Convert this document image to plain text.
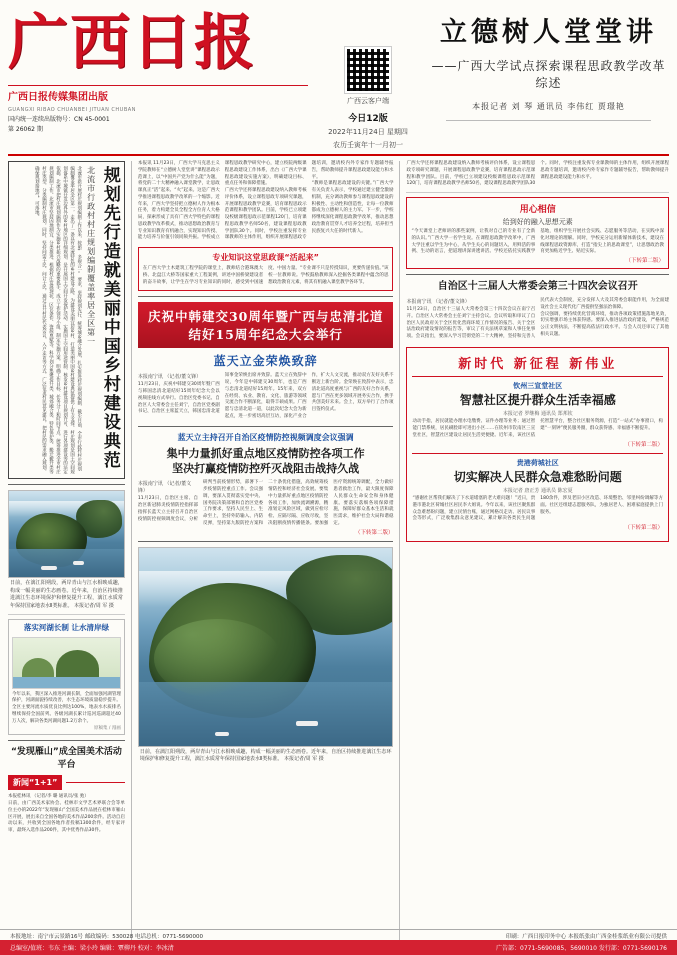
广西日报
广西日报传媒集团出版
GUANGXI RIBAO CHUANBEI JITUAN CHUBAN
国内统一连续出版物号：CN 45-0001
第 26062 期
广西云客户端
今日12版
2022年11月24日 星期四
农历壬寅年十一月初一
立德树人堂堂讲
——广西大学试点探索课程思政教学改革综述
本报记者 刘 琴 通讯员 李伟红 贾璟艳
规划先行造就美丽中国乡村建设典范
北流市行政村村庄规划编制覆盖率居全区第一
北流市新开展村庄规划编制工作以来，按照“多规合一”要求，坚持规划先行，统筹城乡融合发展，扎实推进村庄规划编制，截至目前，全市行政村村庄规划编制覆盖率居全区第一，走出了一条具有北流特色的乡村建设之路。为建设美丽宜居乡村、打造美丽中国乡村建设典范提供了有力支撑。村庄规划是国土空间规划体系中城镇开发边界外的乡村地区的详细规划，是开展国土空间开发保护活动、实施国土空间用途管制、核发乡村建设项目规划许可、进行各项建设等的法定依据。北流市把村庄规划编制作为实施乡村振兴战略的重要抓手，成立工作领导小组，制定实施方案，明确工作目标、任务分工和时间节点，统筹推进全市村庄规划编制工作。北流市坚持因地制宜、分类推进，根据村庄发展现状、区位条件、资源禀赋等，科学划分集聚提升类、城郊融合类、特色保护类、搬迁撤并类等村庄类型，分类编制村庄规划。同时，坚持问需于民、问计于民，通过召开村民代表会议、入户走访等方式，广泛征求村民意见建议，把村民的需求融入规划，确保规划接地气、可落地。
日前，在漓江阳朔段，两岸青山与江水相映成趣，构成一幅美丽的生态画卷。近年来，自治区持续推进漓江生态环境保护和修复提升工程，漓江水质常年保持国家地表水Ⅱ类标准。 本报记者/周 军 摄
落实河湖长制 让水清岸绿
今年以来，我区深入推进河湖长制，全面加强河湖管理保护，河湖面貌持续改善，水生态环境质量稳步提升。全区主要河流水质优良比例达100%，地表水水质排名继续保持全国前列。各级河湖长累计巡河巡湖超过40万人次，解决各类河湖问题1.2万余个。
原稿集 / 漫画
“发现雁山”成全国美术活动平台
新闻“1+1”
本报桂林讯 （记者/李 璐 通讯员/张 弛）
日前，由广西美术家协会、桂林市文学艺术界联合会等单位主办的2022年“发现雁山”全国美术作品展在桂林市雁山区开展，展出来自全国各地的美术作品200余件。活动自启动以来，共收到全国各地作者投稿1300余件，经专家评审，最终入选作品200件，其中优秀作品30件。
本报讯 11月23日，广西大学马克思主义学院教师在“立德树人堂堂讲”课程思政示范课上，以“中国共产党为什么能”为题，将党的二十大精神融入课堂教学，让思政课真正“活”起来、“火”起来。这是广西大学推进课程思政教学改革的一个缩影。近年来，广西大学坚持把立德树人作为根本任务，着力构建全员全程全方位育人大格局，探索形成了具有广西大学特色的课程思政教学改革模式，推动思想政治教育与专业知识教育有机融合，实现知识传授、能力培养与价值引领同频共振。学校成立课程思政教学研究中心，建立校院两级课程思政建设工作体系，出台《广西大学课程思政建设实施方案》，明确建设目标、重点任务和保障措施。
广西大学还将课程思政建设纳入教师考核评价体系，设立课程思政专项研究课题，开展课程思政教学竞赛，培育课程思政示范课程和教学团队。目前，学校已立项建设校级课程思政示范课程120门，培育课程思政教学名师50名，建设课程思政教学团队30个。同时，学校注重发挥专业课教师的主体作用，组织开展课程思政专题培训，邀请校内外专家作专题辅导报告，帮助教师提升课程思政建设能力和水平。
“教师是课程思政建设的关键。”广西大学有关负责人表示，学校通过建立健全激励机制，充分调动教师参与课程思政建设的积极性、主动性和创造性，让每一位教师都成为立德树人的主力军。下一步，学校将继续深化课程思政教学改革，推动思想政治教育贯穿人才培养全过程，培养担当民族复兴大任的时代新人。
专业知识这堂思政课“活起来”
在广西大学土木建筑工程学院的课堂上，教师结合港珠澳大桥、北盘江大桥等国家重大工程案例，讲述中国桥梁建设者的奋斗故事，让学生在学习专业知识的同时，感受到中国速度、中国力量。“专业课不只是传授知识，更要传递价值。”该校一位教师说。学校鼓励教师深入挖掘各类课程中蕴含的思想政治教育元素，将其有机融入课堂教学各环节。
庆祝中韩建交30周年暨广西与忠清北道结好15周年纪念大会举行
蓝天立金荣焕致辞
本报南宁讯 （记者/董文锋）
11月23日，庆祝中韩建交30周年暨广西与韩国忠清北道结好15周年纪念大会以视频连线方式举行。自治区党委书记、自治区人大常委会主任刘宁，自治区党委副书记、自治区主席蓝天立，韩国忠清北道知事金荣焕出席并致辞。蓝天立在致辞中说，今年是中韩建交30周年，也是广西与忠清北道结好15周年。15年来，双方在经贸、农业、教育、文化、旅游等领域交流合作不断深化，取得丰硕成果。广西愿与忠清北道一道，以此次纪念大会为新起点，进一步密切高层互访，深化产业合作，扩大人文交流，推动双方友好关系不断迈上新台阶。金荣焕在致辞中表示，忠清北道高度重视与广西的友好合作关系，愿与广西在更多领域开展务实合作，携手共创美好未来。会上，双方举行了合作项目签约仪式。
蓝天立主持召开自治区疫情防控视频调度会议强调
集中力量抓好重点地区疫情防控各项工作
坚决打赢疫情防控歼灭战阻击战持久战
本报南宁讯 （记者/董文锋）
11月23日，自治区主席、自治区新冠肺炎疫情防控指挥部指挥长蓝天立主持召开自治区疫情防控视频调度会议，分析研判当前疫情形势，部署下一步疫情防控重点工作。会议强调，要深入贯彻落实党中央、国务院决策部署和自治区党委工作要求，坚持人民至上、生命至上，坚持外防输入、内防反弹，坚持第九版防控方案和二十条优化措施，高效统筹疫情防控和经济社会发展。要集中力量抓好重点地区疫情防控各项工作，加快流调溯源，精准划定风险区域，做到应检尽检、应隔尽隔、应收尽收，坚决阻断疫情传播链条。要加强医疗资源统筹调配，全力做好患者救治工作，最大限度保障人民群众生命安全和身体健康。要落实落细各项保障措施，保障好群众基本生活和就医需求，维护社会大局和谐稳定。
（下转第二版）
日前，在漓江阳朔段，两岸青山与江水相映成趣，构成一幅美丽的生态画卷。近年来，自治区持续推进漓江生态环境保护和修复提升工程，漓江水质常年保持国家地表水Ⅱ类标准。 本报记者/周 军 摄
广西大学还将课程思政建设纳入教师考核评价体系，设立课程思政专项研究课题，开展课程思政教学竞赛，培育课程思政示范课程和教学团队。目前，学校已立项建设校级课程思政示范课程120门，培育课程思政教学名师50名，建设课程思政教学团队30个。同时，学校注重发挥专业课教师的主体作用，组织开展课程思政专题培训，邀请校内外专家作专题辅导报告，帮助教师提升课程思政建设能力和水平。
用心相信
给到好的融入思想元素
“今天课堂上老师讲的那些案例，让我对自己的专业有了全新的认识。”广西大学一名学生说。在课程思政教学改革中，广西大学注重以学生为中心，从学生关心的问题切入，用鲜活的事例、生动的语言，把道理讲深讲透讲活。学校还依托实践教学基地，组织学生开展社会实践、志愿服务等活动，在实践中深化对理论的理解。同时，学校充分运用新媒体新技术，建设在线课程思政资源库，打造“指尖上的思政课堂”，让思想政治教育更加贴近学生、贴近实际。
（下转第二版）
自治区十三届人大常委会第三十四次会议召开
本报南宁讯 （记者/董文锋）
11月23日，自治区十三届人大常委会第三十四次会议在南宁召开。自治区人大常委会主任刘宁主持会议。会议听取和审议了自治区人民政府关于全区优化营商环境工作情况的报告、关于全区法治政府建设情况的报告等，审议了有关法规草案和人事任免事项。会议指出，要深入学习贯彻党的二十大精神，坚持和完善人民代表大会制度，充分发挥人大及其常委会职能作用，为全面建设社会主义现代化广西提供坚强法治保障。
会议强调，要持续优化营商环境，推动各项政策措施落地见效，切实增强市场主体获得感。要深入推进法治政府建设，严格规范公正文明执法，不断提高依法行政水平。与会人员还审议了其他相关议题。
新时代 新征程 新伟业
钦州三宣堂社区
智慧社区提升群众生活幸福感
本报记者 罗继梅 通讯员 郑邦钦
动动手指，居民就能办理水电缴费、证件办理等业务；通过智能门禁系统，居民刷脸即可进出小区……在钦州市钦南区三宣堂社区，智慧社区建设让居民生活更便捷。近年来，该社区依托智慧平台，整合社区服务资源，打造“一站式”办事窗口，构建“一刻钟”便民服务圈，群众获得感、幸福感不断提升。
（下转第二版）
贵港荷城社区
切实解决人民群众急难愁盼问题
本报记者 唐正芳 通讯员 陈宏夏
“感谢社区帮我们解决了下水道堵塞的老大难问题！”近日，贵港市港北区荷城社区居民李大姐说。今年以来，该社区聚焦群众急难愁盼问题，建立民情台账，通过网格员走访、居民议事会等形式，广泛收集群众意见建议，累计解决各类民生问题180余件，涉及老旧小区改造、环境整治、邻里纠纷调解等方面。社区还组建志愿服务队，为独居老人、困难家庭提供上门服务。
（下转第二版）
本报地址：南宁市云景路16号 邮政编码：530028 电话总机：0771-5690000	印刷：广西日报印务中心 本报纸张由广西金桂浆纸业有限公司提供
总编室/值班：韦东 主编：梁小玲 编辑：覃柳丹 校对：李冰清	广告部：0771-5690085、5690010 发行部：0771-5690176
